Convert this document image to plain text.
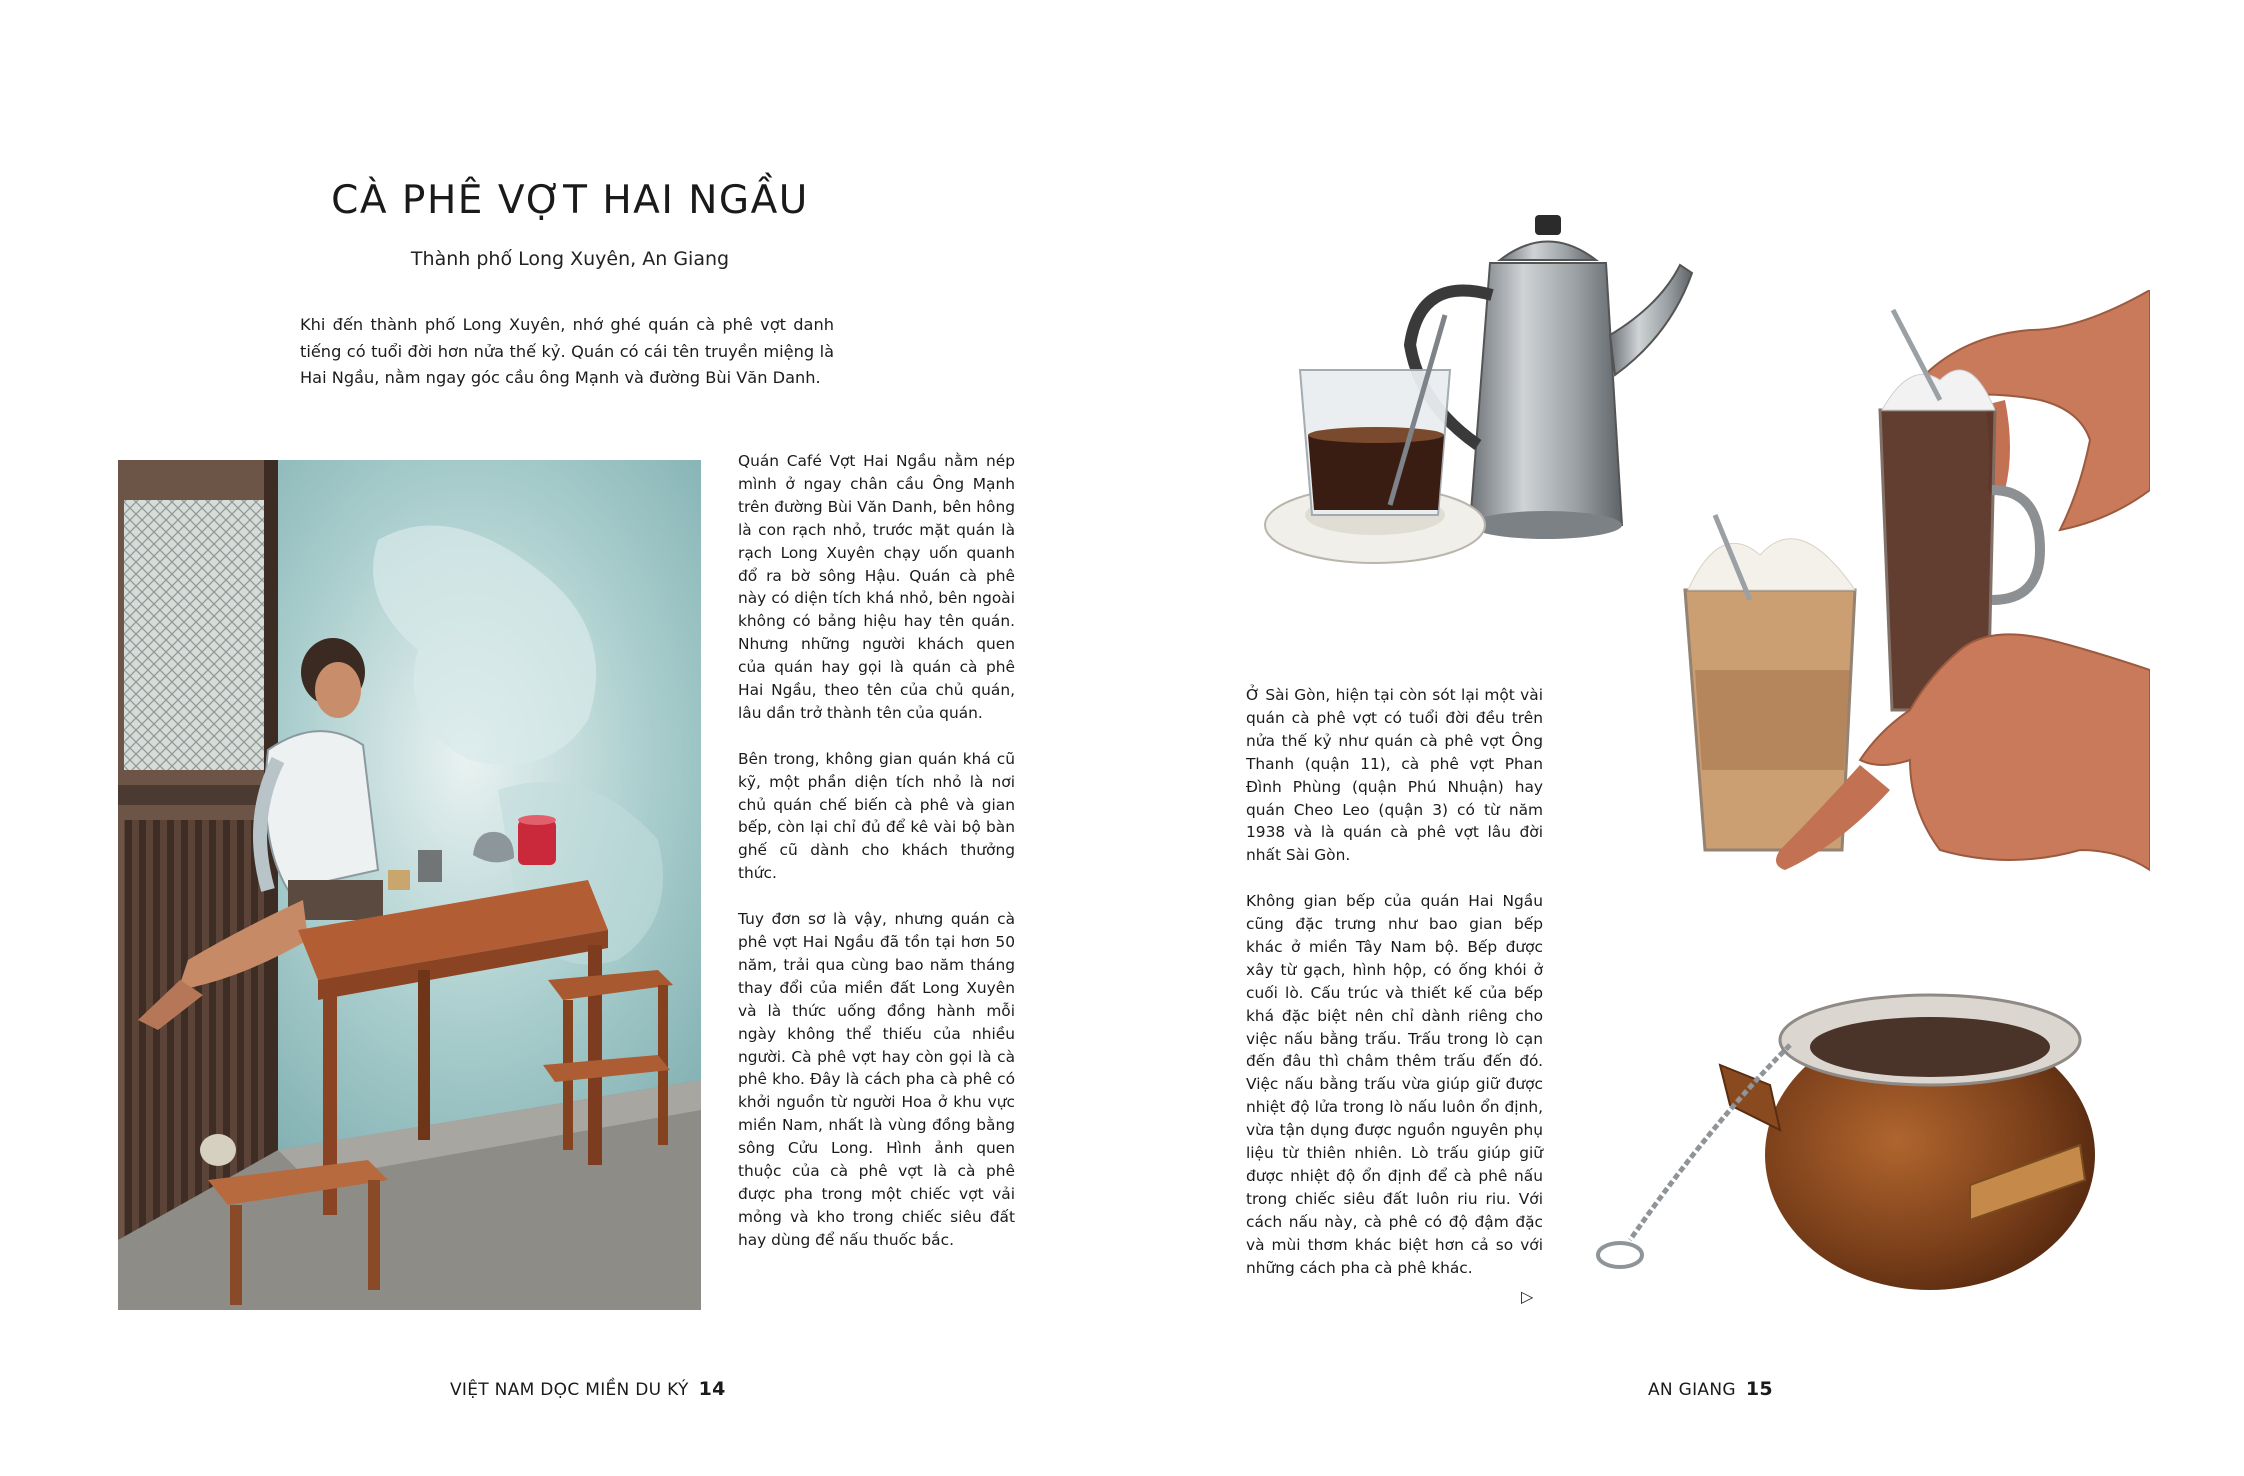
CÀ PHÊ VỢT HAI NGẦU
Thành phố Long Xuyên, An Giang
Khi đến thành phố Long Xuyên, nhớ ghé quán cà phê vợt danh tiếng có tuổi đời hơn nửa thế kỷ. Quán có cái tên truyền miệng là Hai Ngầu, nằm ngay góc cầu ông Mạnh và đường Bùi Văn Danh.

Quán Café Vợt Hai Ngầu nằm nép mình ở ngay chân cầu Ông Mạnh trên đường Bùi Văn Danh, bên hông là con rạch nhỏ, trước mặt quán là rạch Long Xuyên chạy uốn quanh đổ ra bờ sông Hậu. Quán cà phê này có diện tích khá nhỏ, bên ngoài không có bảng hiệu hay tên quán. Nhưng những người khách quen của quán hay gọi là quán cà phê Hai Ngầu, theo tên của chủ quán, lâu dần trở thành tên của quán.

Bên trong, không gian quán khá cũ kỹ, một phần diện tích nhỏ là nơi chủ quán chế biến cà phê và gian bếp, còn lại chỉ đủ để kê vài bộ bàn ghế cũ dành cho khách thưởng thức.

Tuy đơn sơ là vậy, nhưng quán cà phê vợt Hai Ngầu đã tồn tại hơn 50 năm, trải qua cùng bao năm tháng thay đổi của miền đất Long Xuyên và là thức uống đồng hành mỗi ngày không thể thiếu của nhiều người. Cà phê vợt hay còn gọi là cà phê kho. Đây là cách pha cà phê có khởi nguồn từ người Hoa ở khu vực miền Nam, nhất là vùng đồng bằng sông Cửu Long. Hình ảnh quen thuộc của cà phê vợt là cà phê được pha trong một chiếc vợt vải mỏng và kho trong chiếc siêu đất hay dùng để nấu thuốc bắc.

VIỆT NAM DỌC MIỀN DU KÝ 14

Ở Sài Gòn, hiện tại còn sót lại một vài quán cà phê vợt có tuổi đời đều trên nửa thế kỷ như quán cà phê vợt Ông Thanh (quận 11), cà phê vợt Phan Đình Phùng (quận Phú Nhuận) hay quán Cheo Leo (quận 3) có từ năm 1938 và là quán cà phê vợt lâu đời nhất Sài Gòn.

Không gian bếp của quán Hai Ngầu cũng đặc trưng như bao gian bếp khác ở miền Tây Nam bộ. Bếp được xây từ gạch, hình hộp, có ống khói ở cuối lò. Cấu trúc và thiết kế của bếp khá đặc biệt nên chỉ dành riêng cho việc nấu bằng trấu. Trấu trong lò cạn đến đâu thì châm thêm trấu đến đó. Việc nấu bằng trấu vừa giúp giữ được nhiệt độ lửa trong lò nấu luôn ổn định, vừa tận dụng được nguồn nguyên phụ liệu từ thiên nhiên. Lò trấu giúp giữ được nhiệt độ ổn định để cà phê nấu trong chiếc siêu đất luôn riu riu. Với cách nấu này, cà phê có độ đậm đặc và mùi thơm khác biệt hơn cả so với những cách pha cà phê khác.

▷
AN GIANG 15
